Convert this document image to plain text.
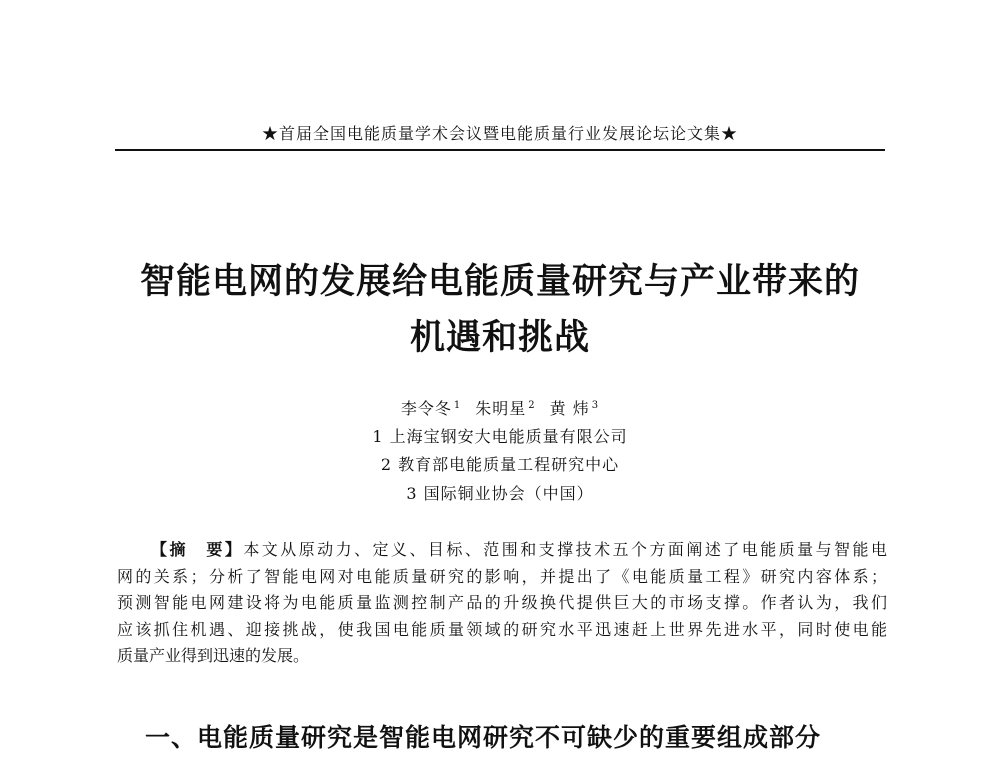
★首届全国电能质量学术会议暨电能质量行业发展论坛论文集★
智能电网的发展给电能质量研究与产业带来的
机遇和挑战
李令冬 $^1$ 朱明星 $^2$ 黄 炜 $^3$
1 上海宝钢安大电能质量有限公司
2 教育部电能质量工程研究中心
3 国际铜业协会（中国）
【摘　要】本文从原动力、定义、目标、范围和支撑技术五个方面阐述了电能质量与智能电
网的关系；分析了智能电网对电能质量研究的影响，并提出了《电能质量工程》研究内容体系；
预测智能电网建设将为电能质量监测控制产品的升级换代提供巨大的市场支撑。作者认为，我们
应该抓住机遇、迎接挑战，使我国电能质量领域的研究水平迅速赶上世界先进水平，同时使电能
质量产业得到迅速的发展。
一、电能质量研究是智能电网研究不可缺少的重要组成部分
